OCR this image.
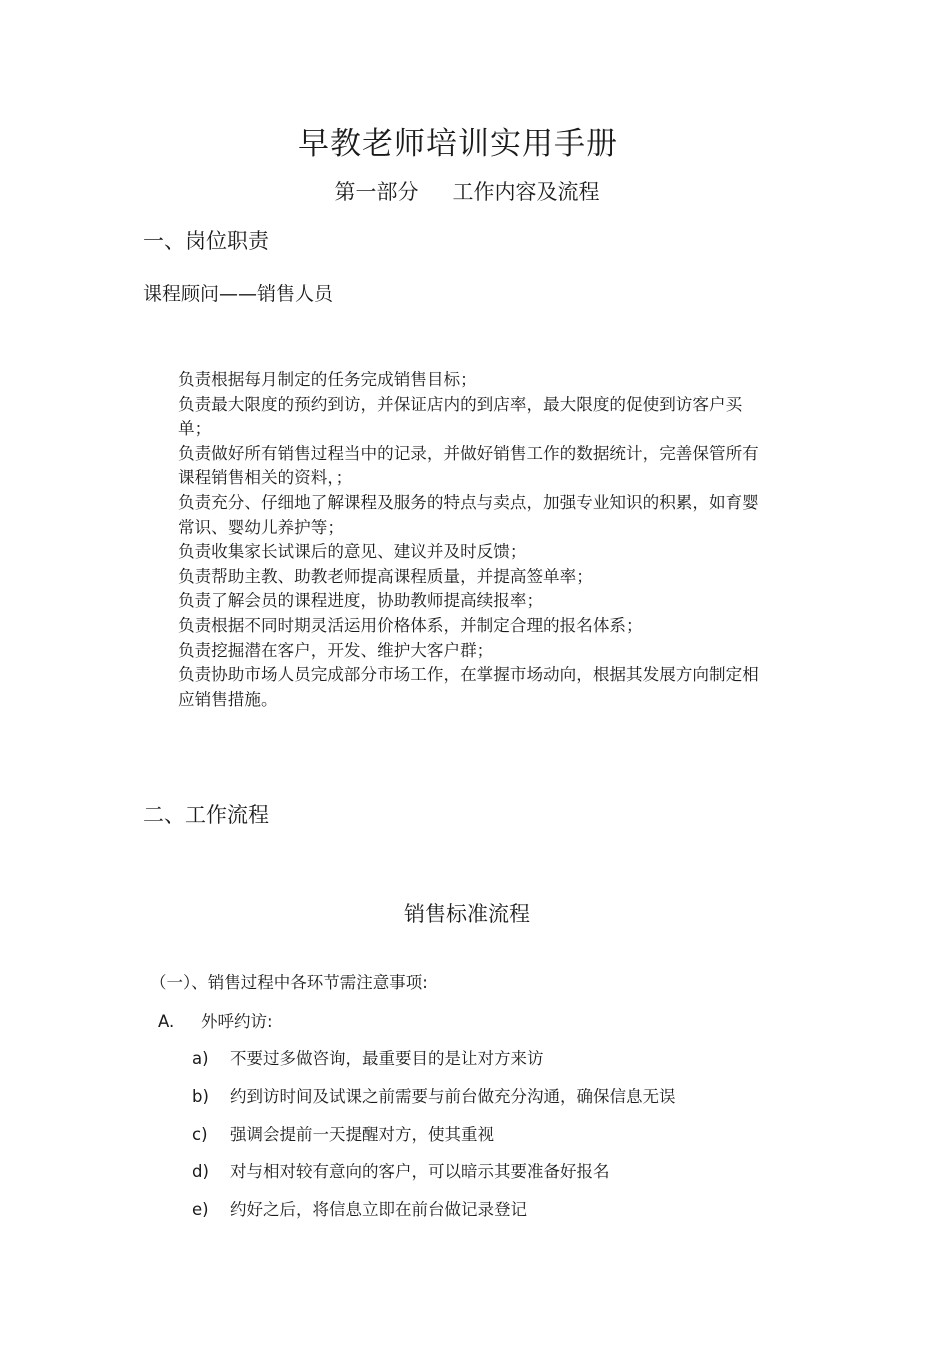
早教老师培训实用手册
第一部分 工作内容及流程
一、岗位职责
课程顾问——销售人员
负责根据每月制定的任务完成销售目标；
负责最大限度的预约到访，并保证店内的到店率，最大限度的促使到访客户买单；
负责做好所有销售过程当中的记录，并做好销售工作的数据统计，完善保管所有课程销售相关的资料，；
负责充分、仔细地了解课程及服务的特点与卖点，加强专业知识的积累，如育婴常识、婴幼儿养护等；
负责收集家长试课后的意见、建议并及时反馈；
负责帮助主教、助教老师提高课程质量，并提高签单率；
负责了解会员的课程进度，协助教师提高续报率；
负责根据不同时期灵活运用价格体系，并制定合理的报名体系；
负责挖掘潜在客户，开发、维护大客户群；
负责协助市场人员完成部分市场工作，在掌握市场动向，根据其发展方向制定相应销售措施。
二、工作流程
销售标准流程
（一）、销售过程中各环节需注意事项:
A. 外呼约访:
a) 不要过多做咨询，最重要目的是让对方来访
b) 约到访时间及试课之前需要与前台做充分沟通，确保信息无误
c) 强调会提前一天提醒对方，使其重视
d) 对与相对较有意向的客户，可以暗示其要准备好报名
e) 约好之后，将信息立即在前台做记录登记
